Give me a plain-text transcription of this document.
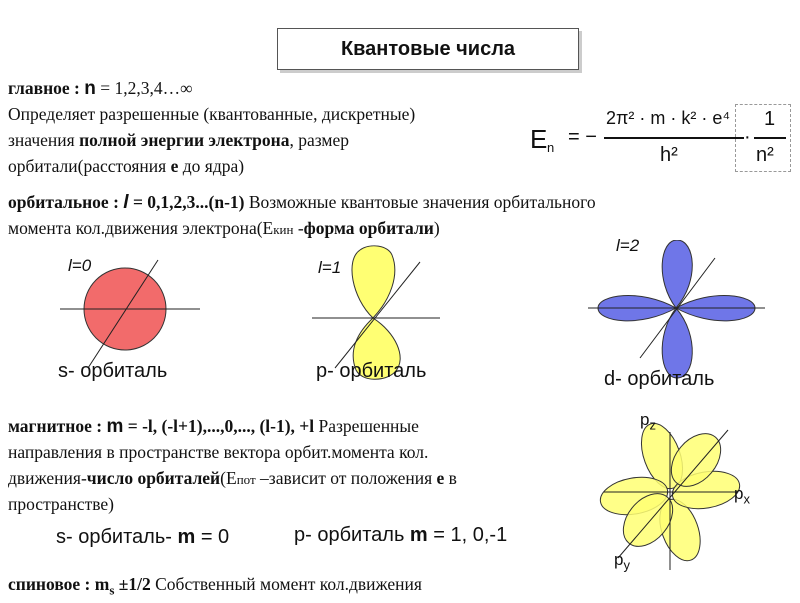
Квантовые числа
главное : n = 1,2,3,4…∞
Определяет разрешенные (квантованные, дискретные)
значения полной энергии электрона, размер
орбитали(расстояния е до ядра)
E n = −
2π² · m · k² · e⁴
h²
·
1
n²
орбитальное : l = 0,1,2,3...(n-1) Возможные квантовые значения орбитального
момента кол.движения электрона(Екин -форма орбитали)
l=0	l=1
l=2
s- орбиталь	p- орбиталь	d- орбиталь
магнитное : m = -l, (-l+1),...,0,..., (l-1), +l Разрешенные
направления в пространстве вектора орбит.момента кол.
движения-число орбиталей(Епот –зависит от положения е в
пространстве)
s- орбиталь- m = 0	p- орбиталь m = 1, 0,-1
$p_z$
$p_x$
$p_y$
спиновое : $m_s \pm 1/2$ Собственный момент кол.движения
